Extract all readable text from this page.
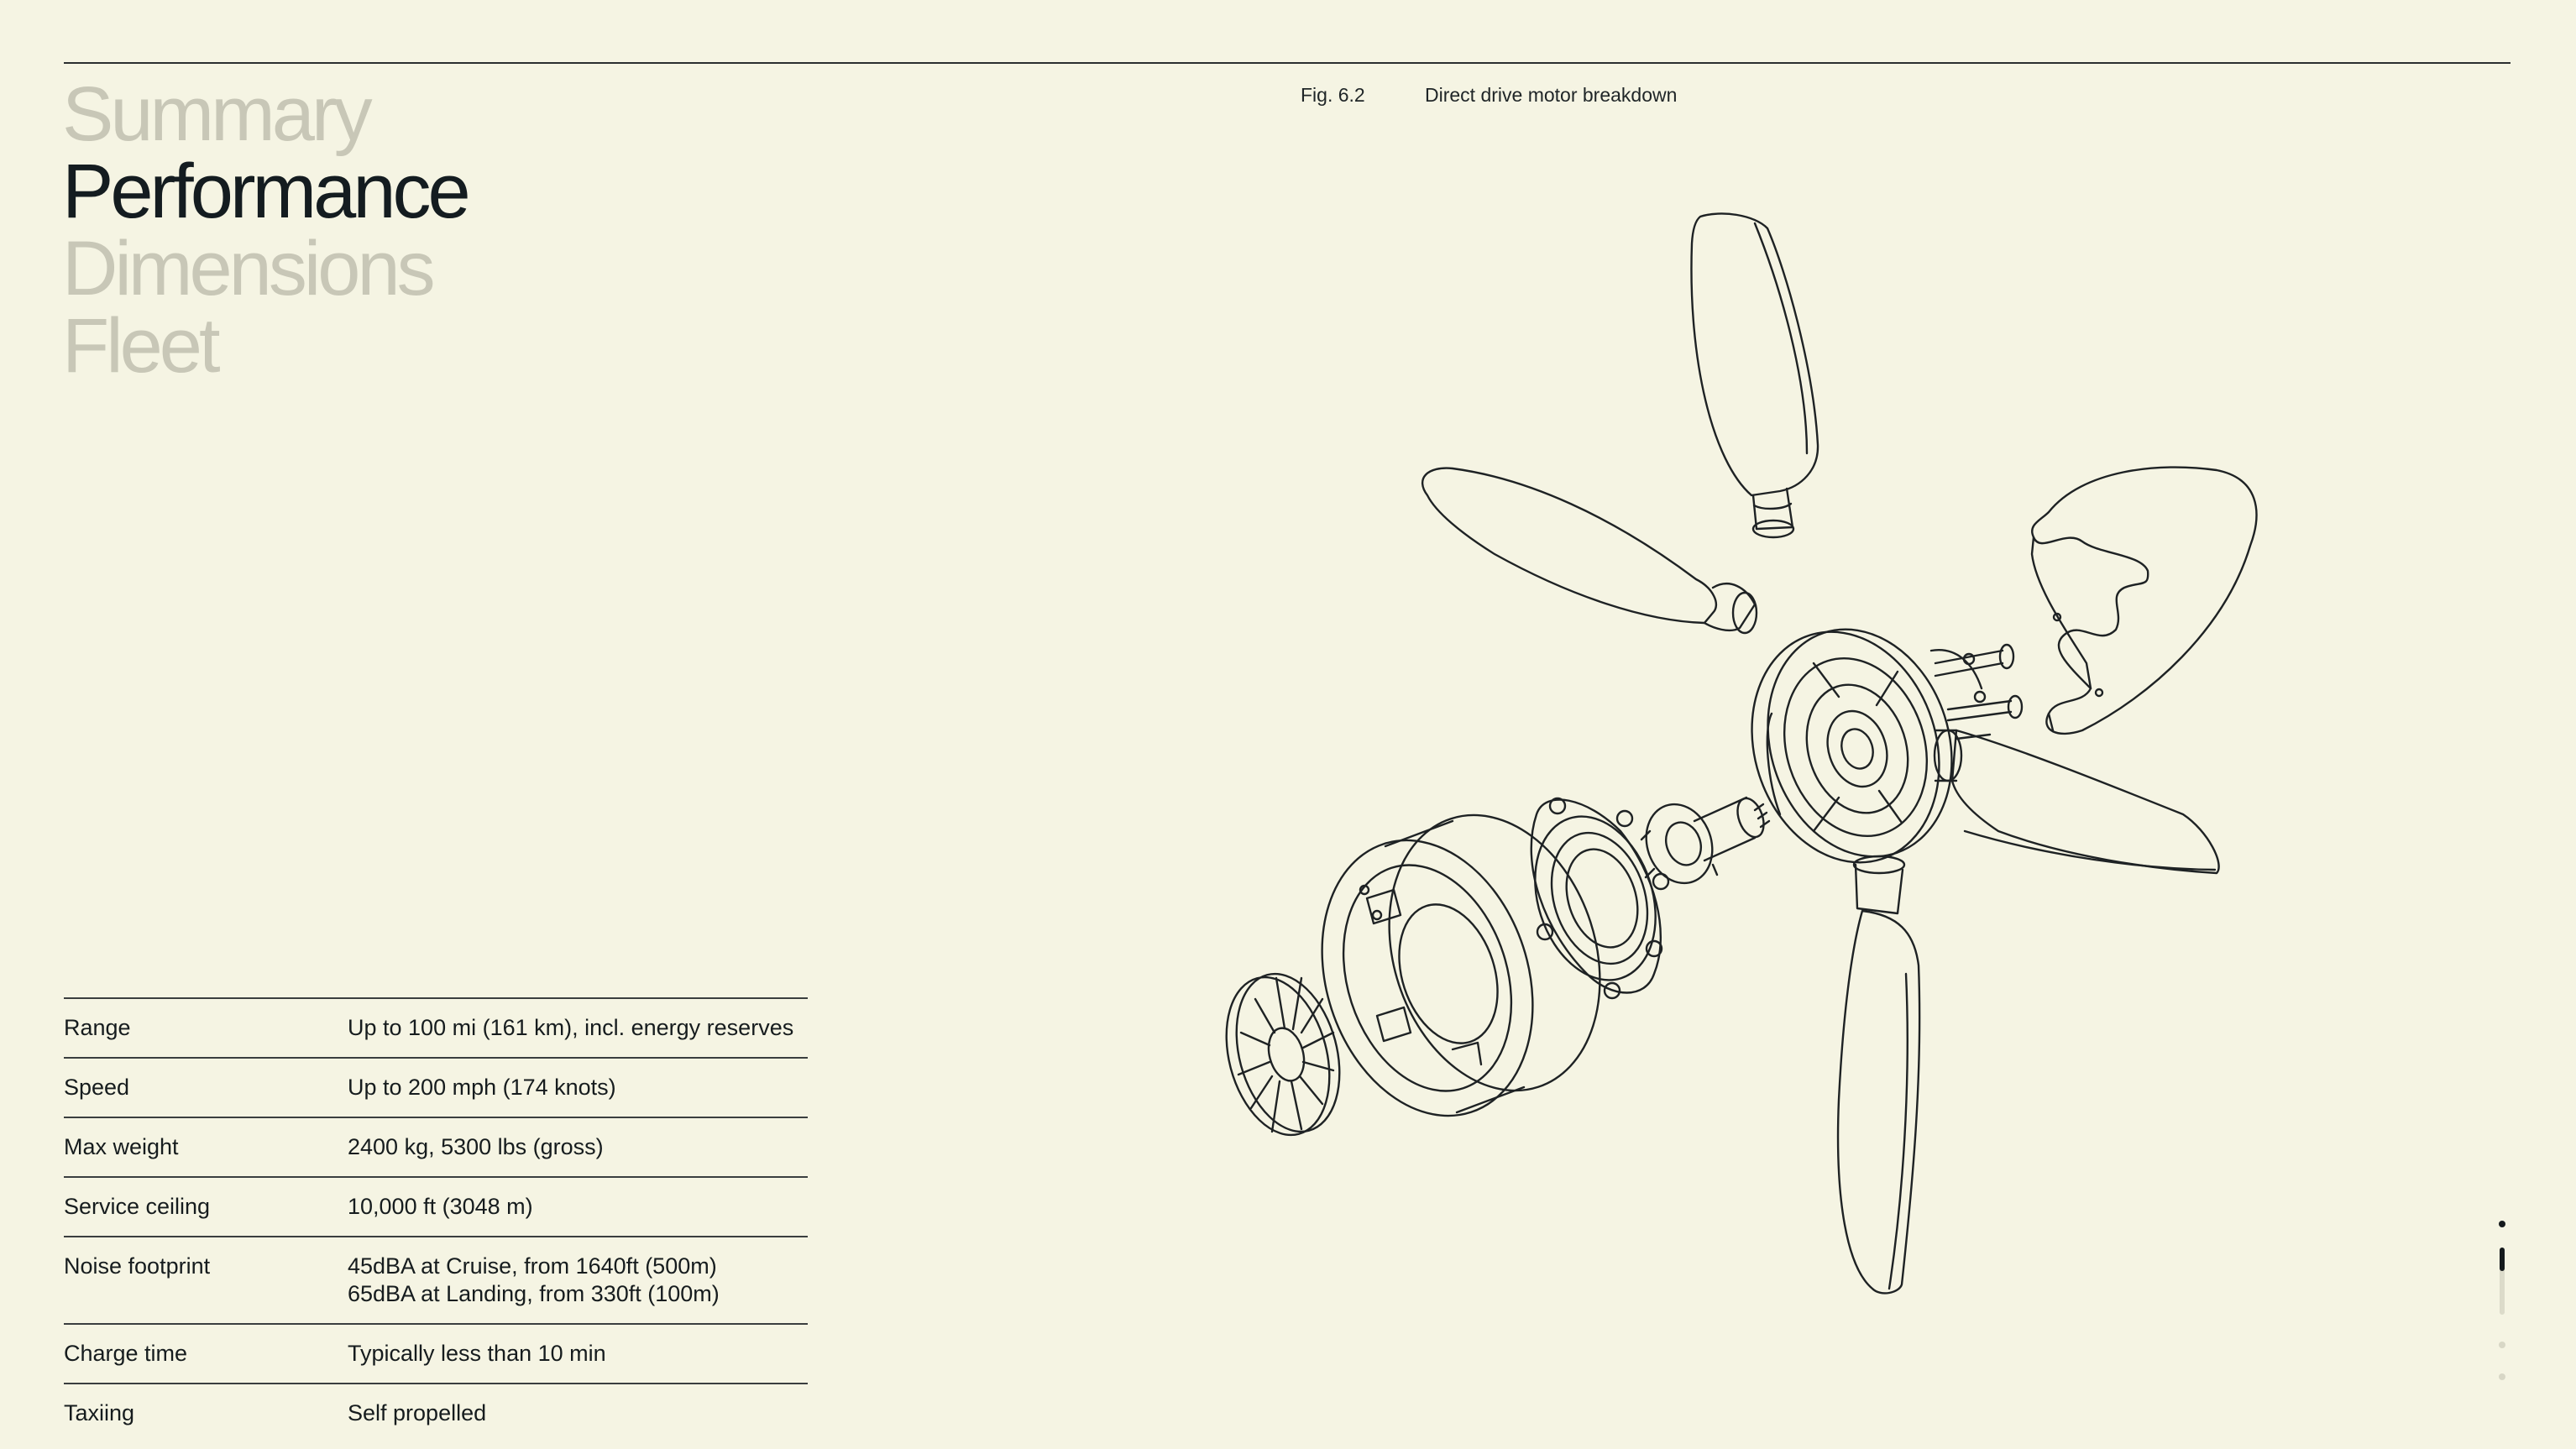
Summary
Performance
Dimensions
Fleet
Fig. 6.2	Direct drive motor breakdown
Range	Up to 100 mi (161 km), incl. energy reserves
Speed	Up to 200 mph (174 knots)
Max weight	2400 kg, 5300 lbs (gross)
Service ceiling	10,000 ft (3048 m)
Noise footprint	45dBA at Cruise, from 1640ft (500m)
65dBA at Landing, from 330ft (100m)
Charge time	Typically less than 10 min
Taxiing	Self propelled
